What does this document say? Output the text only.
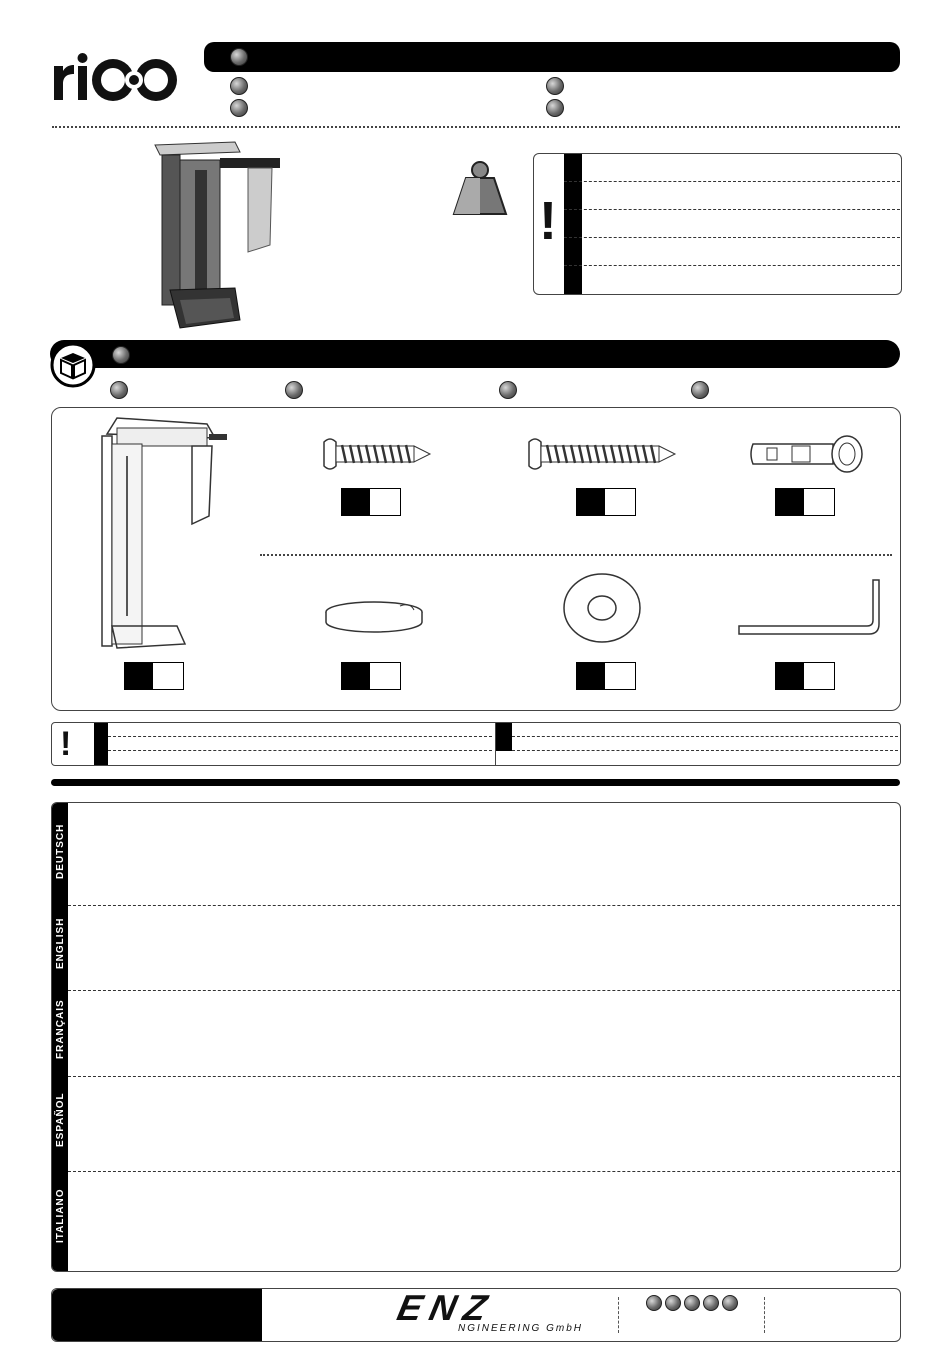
!
!
DEUTSCH
ENGLISH
FRANÇAIS
ESPAÑOL
ITALIANO
ENZ
NGINEERING GmbH
